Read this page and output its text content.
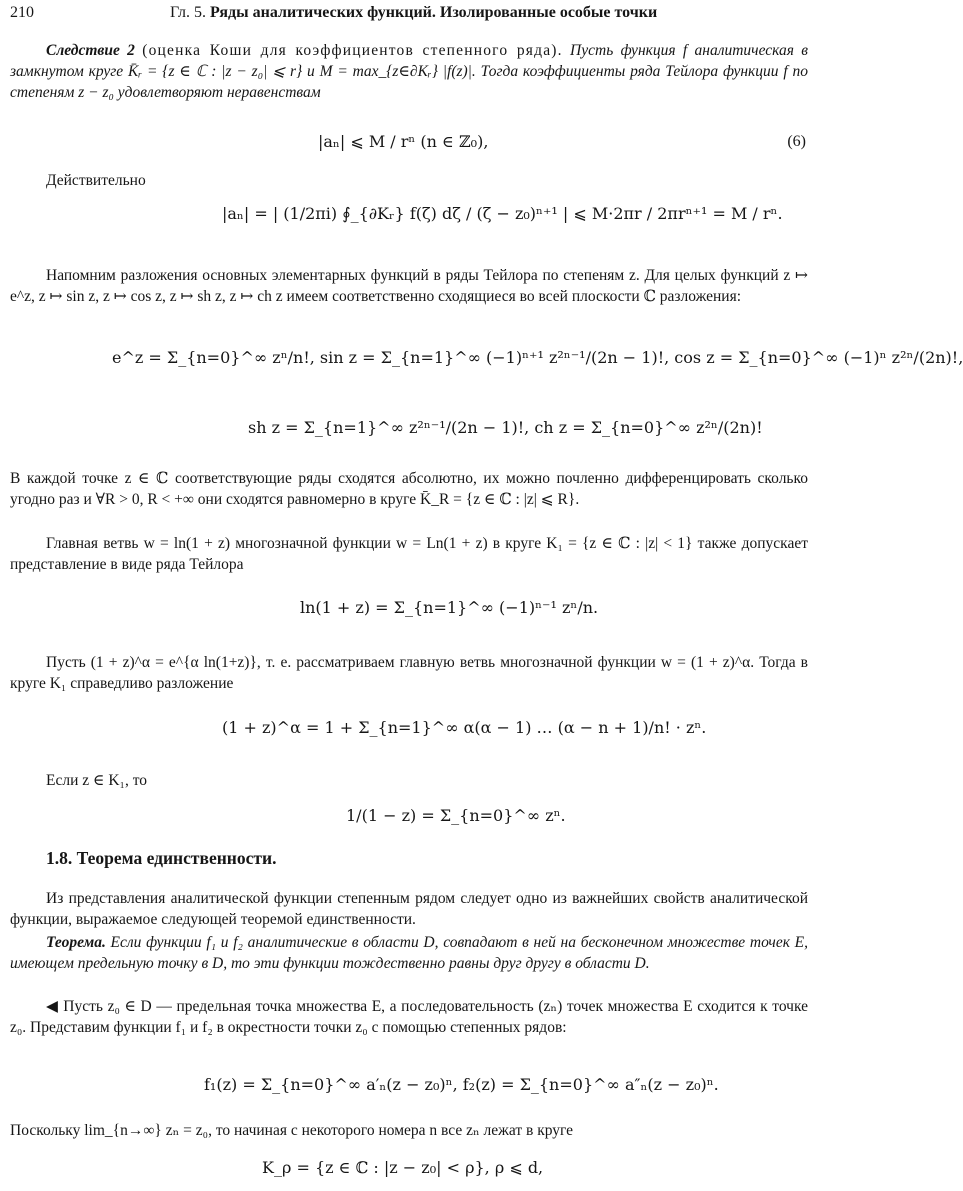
210	Гл. 5. Ряды аналитических функций. Изолированные особые точки
Следствие 2 (оценка Коши для коэффициентов степенного ряда). Пусть функция f аналитическая в замкнутом круге K̄ᵣ = {z ∈ ℂ : |z − z₀| ⩽ r} и M = max_{z∈∂Kᵣ} |f(z)|. Тогда коэффициенты ряда Тейлора функции f по степеням z − z₀ удовлетворяют неравенствам
|aₙ| ⩽ M / rⁿ (n ∈ ℤ₀),	(6)
Действительно
|aₙ| = | (1/2πi) ∮_{∂Kᵣ} f(ζ) dζ / (ζ − z₀)ⁿ⁺¹ | ⩽ M·2πr / 2πrⁿ⁺¹ = M / rⁿ.
Напомним разложения основных элементарных функций в ряды Тейлора по степеням z. Для целых функций z ↦ e^z, z ↦ sin z, z ↦ cos z, z ↦ sh z, z ↦ ch z имеем соответственно сходящиеся во всей плоскости ℂ разложения:
e^z = Σ_{n=0}^∞ zⁿ/n!, sin z = Σ_{n=1}^∞ (−1)ⁿ⁺¹ z²ⁿ⁻¹/(2n − 1)!, cos z = Σ_{n=0}^∞ (−1)ⁿ z²ⁿ/(2n)!,
sh z = Σ_{n=1}^∞ z²ⁿ⁻¹/(2n − 1)!, ch z = Σ_{n=0}^∞ z²ⁿ/(2n)!
В каждой точке z ∈ ℂ соответствующие ряды сходятся абсолютно, их можно почленно дифференцировать сколько угодно раз и ∀R > 0, R < +∞ они сходятся равномерно в круге K̄_R = {z ∈ ℂ : |z| ⩽ R}.
Главная ветвь w = ln(1 + z) многозначной функции w = Ln(1 + z) в круге K₁ = {z ∈ ℂ : |z| < 1} также допускает представление в виде ряда Тейлора
ln(1 + z) = Σ_{n=1}^∞ (−1)ⁿ⁻¹ zⁿ/n.
Пусть (1 + z)^α = e^{α ln(1+z)}, т. е. рассматриваем главную ветвь многозначной функции w = (1 + z)^α. Тогда в круге K₁ справедливо разложение
(1 + z)^α = 1 + Σ_{n=1}^∞ α(α − 1) … (α − n + 1)/n! · zⁿ.
Если z ∈ K₁, то
1/(1 − z) = Σ_{n=0}^∞ zⁿ.
1.8. Теорема единственности.
Из представления аналитической функции степенным рядом следует одно из важнейших свойств аналитической функции, выражаемое следующей теоремой единственности.
Теорема. Если функции f₁ и f₂ аналитические в области D, совпадают в ней на бесконечном множестве точек E, имеющем предельную точку в D, то эти функции тождественно равны друг другу в области D.
◀ Пусть z₀ ∈ D — предельная точка множества E, а последовательность (zₙ) точек множества E сходится к точке z₀. Представим функции f₁ и f₂ в окрестности точки z₀ с помощью степенных рядов:
f₁(z) = Σ_{n=0}^∞ a′ₙ(z − z₀)ⁿ, f₂(z) = Σ_{n=0}^∞ a″ₙ(z − z₀)ⁿ.
Поскольку lim_{n→∞} zₙ = z₀, то начиная с некоторого номера n все zₙ лежат в круге
K_ρ = {z ∈ ℂ : |z − z₀| < ρ}, ρ ⩽ d,
